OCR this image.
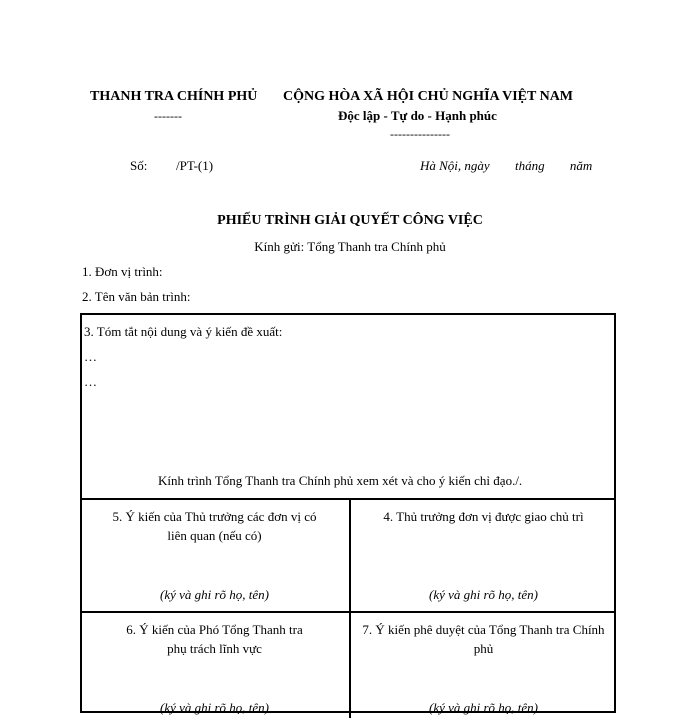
THANH TRA CHÍNH PHỦ
-------
CỘNG HÒA XÃ HỘI CHỦ NGHĨA VIỆT NAM
Độc lập - Tự do - Hạnh phúc
---------------
Số: /PT-(1)	Hà Nội, ngày tháng năm
PHIẾU TRÌNH GIẢI QUYẾT CÔNG VIỆC
Kính gửi: Tổng Thanh tra Chính phủ
1. Đơn vị trình:
2. Tên văn bản trình:
3. Tóm tắt nội dung và ý kiến đề xuất:
…
…
Kính trình Tổng Thanh tra Chính phủ xem xét và cho ý kiến chỉ đạo./.
5. Ý kiến của Thủ trưởng các đơn vị có liên quan (nếu có)
(ký và ghi rõ họ, tên)
4. Thủ trưởng đơn vị được giao chủ trì
(ký và ghi rõ họ, tên)
6. Ý kiến của Phó Tổng Thanh tra phụ trách lĩnh vực
(ký và ghi rõ họ, tên)
7. Ý kiến phê duyệt của Tổng Thanh tra Chính phủ
(ký và ghi rõ họ, tên)
